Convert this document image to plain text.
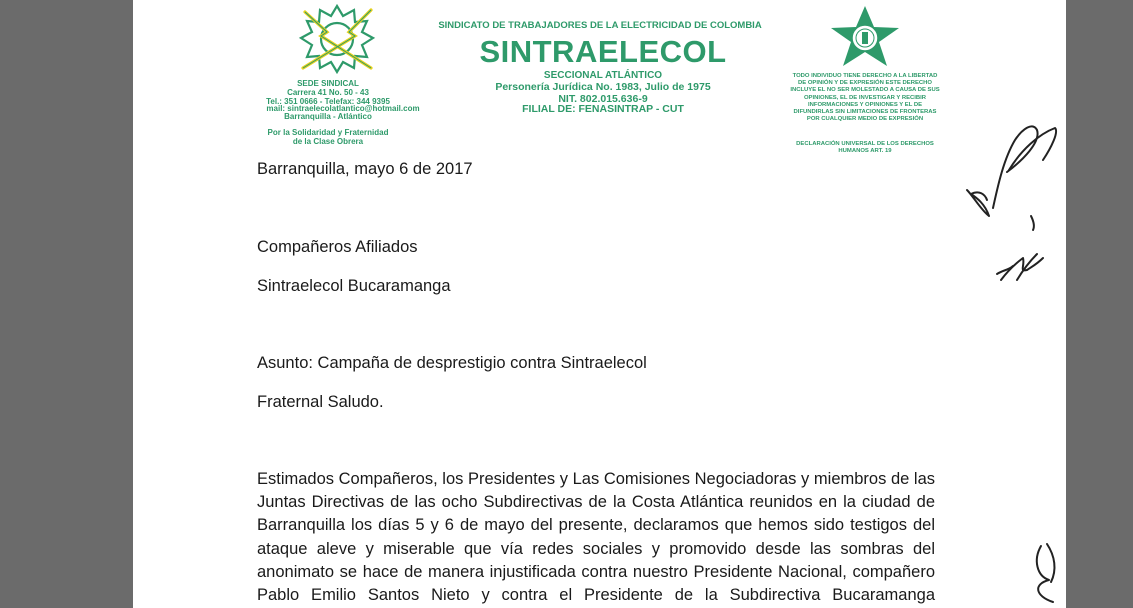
SINDICATO DE TRABAJADORES DE LA ELECTRICIDAD DE COLOMBIA
SINTRAELECOL
SECCIONAL ATLÁNTICO
Personería Jurídica No. 1983, Julio de 1975
NIT. 802.015.636-9
FILIAL DE: FENASINTRAP - CUT
SEDE SINDICAL
Carrera 41 No. 50 - 43
Tel.: 351 0666 - Telefax: 344 9395
mail: sintraelecolatlantico@hotmail.com
Barranquilla - Atlántico
Por la Solidaridad y Fraternidad
de la Clase Obrera
TODO INDIVIDUO TIENE DERECHO A LA LIBERTAD DE OPINIÓN Y DE EXPRESIÓN ESTE DERECHO INCLUYE EL NO SER MOLESTADO A CAUSA DE SUS OPINIONES, EL DE INVESTIGAR Y RECIBIR INFORMACIONES Y OPINIONES Y EL DE DIFUNDIRLAS SIN LIMITACIONES DE FRONTERAS POR CUALQUIER MEDIO DE EXPRESIÓN
DECLARACIÓN UNIVERSAL DE LOS DERECHOS HUMANOS ART. 19
Barranquilla, mayo 6 de 2017
Compañeros Afiliados
Sintraelecol Bucaramanga
Asunto: Campaña de desprestigio contra Sintraelecol
Fraternal Saludo.
Estimados Compañeros, los Presidentes y Las Comisiones Negociadoras y miembros de las
Juntas Directivas de las ocho Subdirectivas de la Costa Atlántica reunidos en la ciudad de
Barranquilla los días 5 y 6 de mayo del presente, declaramos que hemos sido testigos del
ataque aleve y miserable que vía redes sociales y promovido desde las sombras del
anonimato se hace de manera injustificada contra nuestro Presidente Nacional, compañero
Pablo Emilio Santos Nieto y contra el Presidente de la Subdirectiva Bucaramanga
